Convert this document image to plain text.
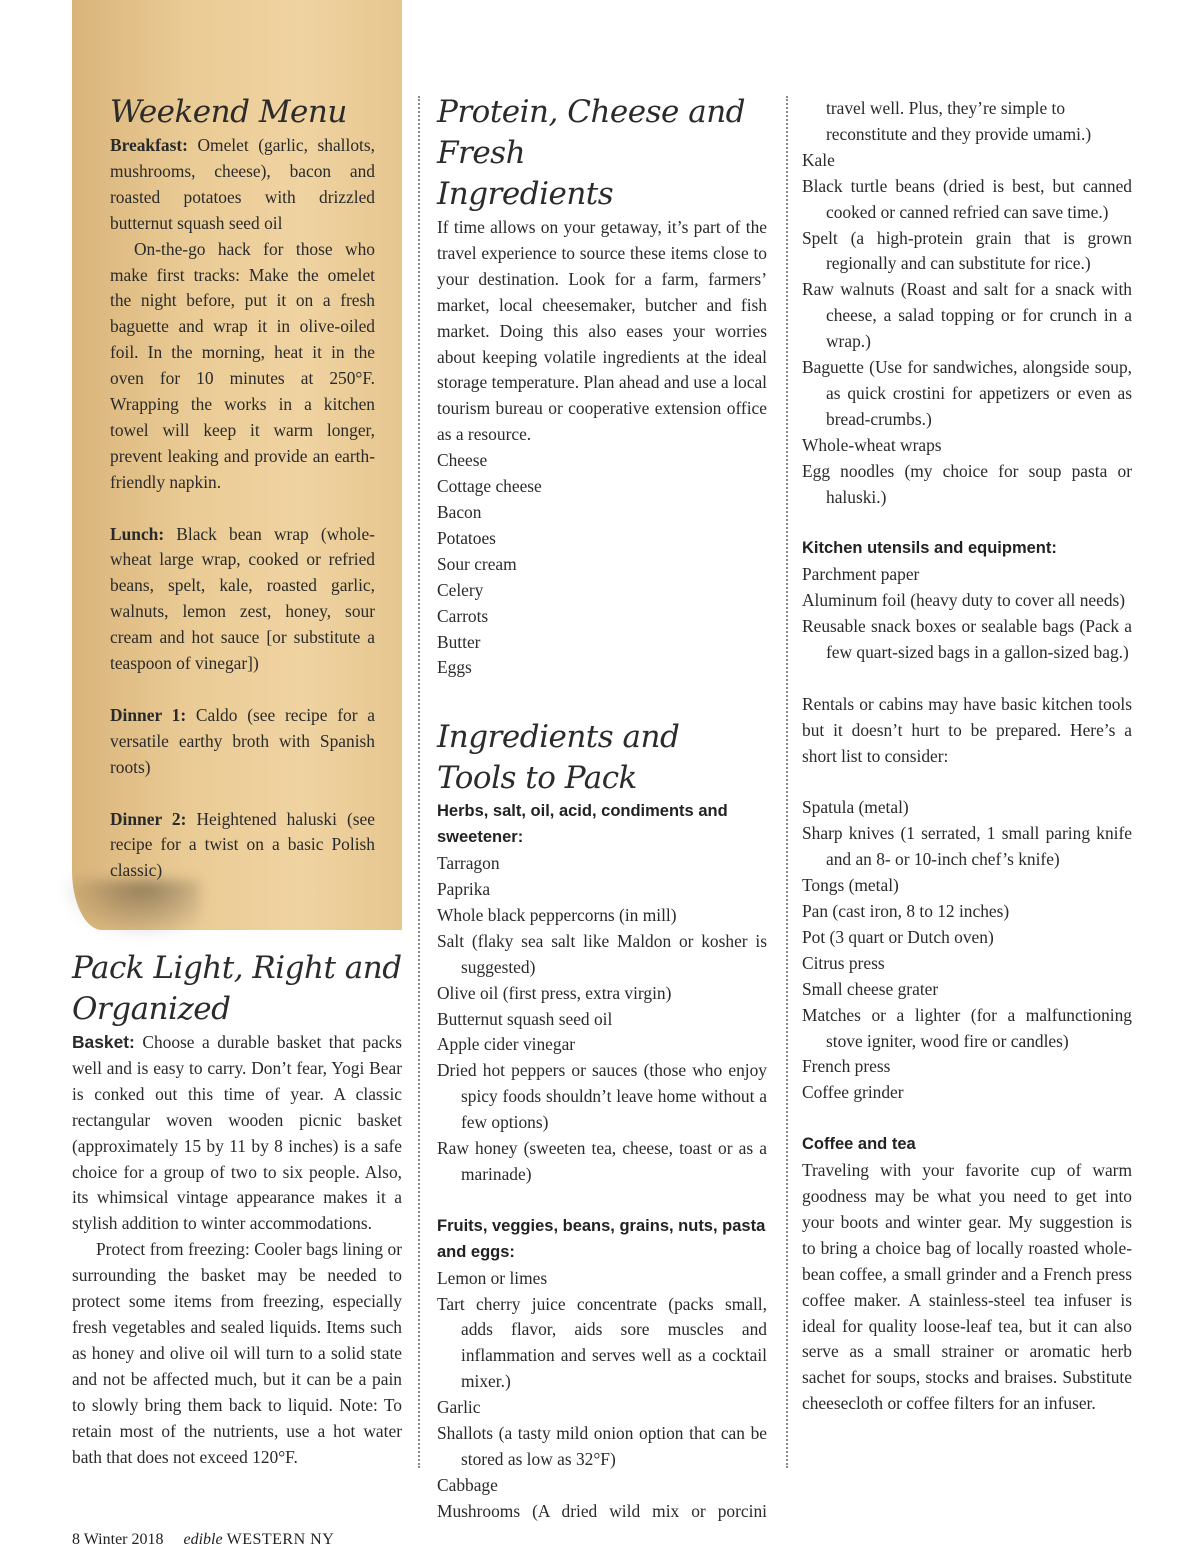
Weekend Menu

Breakfast: Omelet (garlic, shallots, mushrooms, cheese), bacon and roasted potatoes with drizzled butternut squash seed oil

On-the-go hack for those who make first tracks: Make the omelet the night before, put it on a fresh baguette and wrap it in olive-oiled foil. In the morning, heat it in the oven for 10 minutes at 250°F. Wrapping the works in a kitchen towel will keep it warm longer, prevent leaking and provide an earth-friendly napkin.

Lunch: Black bean wrap (whole-wheat large wrap, cooked or refried beans, spelt, kale, roasted garlic, walnuts, lemon zest, honey, sour cream and hot sauce [or substitute a teaspoon of vinegar])

Dinner 1: Caldo (see recipe for a versatile earthy broth with Spanish roots)

Dinner 2: Heightened haluski (see recipe for a twist on a basic Polish classic)

Pack Light, Right and
Organized

Basket: Choose a durable basket that packs well and is easy to carry. Don’t fear, Yogi Bear is conked out this time of year. A classic rectangular woven wooden picnic basket (approximately 15 by 11 by 8 inches) is a safe choice for a group of two to six people. Also, its whimsical vintage appearance makes it a stylish addition to winter accommodations.

Protect from freezing: Cooler bags lining or surrounding the basket may be needed to protect some items from freezing, especially fresh vegetables and sealed liquids. Items such as honey and olive oil will turn to a solid state and not be affected much, but it can be a pain to slowly bring them back to liquid. Note: To retain most of the nutrients, use a hot water bath that does not exceed 120°F.

Protein, Cheese and Fresh
Ingredients

If time allows on your getaway, it’s part of the travel experience to source these items close to your destination. Look for a farm, farmers’ market, local cheesemaker, butcher and fish market. Doing this also eases your worries about keeping volatile ingredients at the ideal storage temperature. Plan ahead and use a local tourism bureau or cooperative extension office as a resource.

Cheese

Cottage cheese

Bacon

Potatoes

Sour cream

Celery

Carrots

Butter

Eggs

Ingredients and Tools to Pack
Herbs, salt, oil, acid, condiments and sweetener:

Tarragon

Paprika

Whole black peppercorns (in mill)

Salt (flaky sea salt like Maldon or kosher is suggested)

Olive oil (first press, extra virgin)

Butternut squash seed oil

Apple cider vinegar

Dried hot peppers or sauces (those who enjoy spicy foods shouldn’t leave home without a few options)

Raw honey (sweeten tea, cheese, toast or as a marinade)

Fruits, veggies, beans, grains, nuts, pasta and eggs:

Lemon or limes

Tart cherry juice concentrate (packs small, adds flavor, aids sore muscles and inflammation and serves well as a cocktail mixer.)

Garlic

Shallots (a tasty mild onion option that can be stored as low as 32°F)

Cabbage

Mushrooms (A dried wild mix or porcini

travel well. Plus, they’re simple to reconstitute and they provide umami.)

Kale

Black turtle beans (dried is best, but canned cooked or canned refried can save time.)

Spelt (a high-protein grain that is grown regionally and can substitute for rice.)

Raw walnuts (Roast and salt for a snack with cheese, a salad topping or for crunch in a wrap.)

Baguette (Use for sandwiches, alongside soup, as quick crostini for appetizers or even as bread-crumbs.)

Whole-wheat wraps

Egg noodles (my choice for soup pasta or haluski.)

Kitchen utensils and equipment:

Parchment paper

Aluminum foil (heavy duty to cover all needs)

Reusable snack boxes or sealable bags (Pack a few quart-sized bags in a gallon-sized bag.)

Rentals or cabins may have basic kitchen tools but it doesn’t hurt to be prepared. Here’s a short list to consider:

Spatula (metal)

Sharp knives (1 serrated, 1 small paring knife and an 8- or 10-inch chef’s knife)

Tongs (metal)

Pan (cast iron, 8 to 12 inches)

Pot (3 quart or Dutch oven)

Citrus press

Small cheese grater

Matches or a lighter (for a malfunctioning stove igniter, wood fire or candles)

French press

Coffee grinder

Coffee and tea

Traveling with your favorite cup of warm goodness may be what you need to get into your boots and winter gear. My suggestion is to bring a choice bag of locally roasted whole-bean coffee, a small grinder and a French press coffee maker. A stainless-steel tea infuser is ideal for quality loose-leaf tea, but it can also serve as a small strainer or aromatic herb sachet for soups, stocks and braises. Substitute cheesecloth or coffee filters for an infuser.

8 Winter 2018 edible WESTERN NY
